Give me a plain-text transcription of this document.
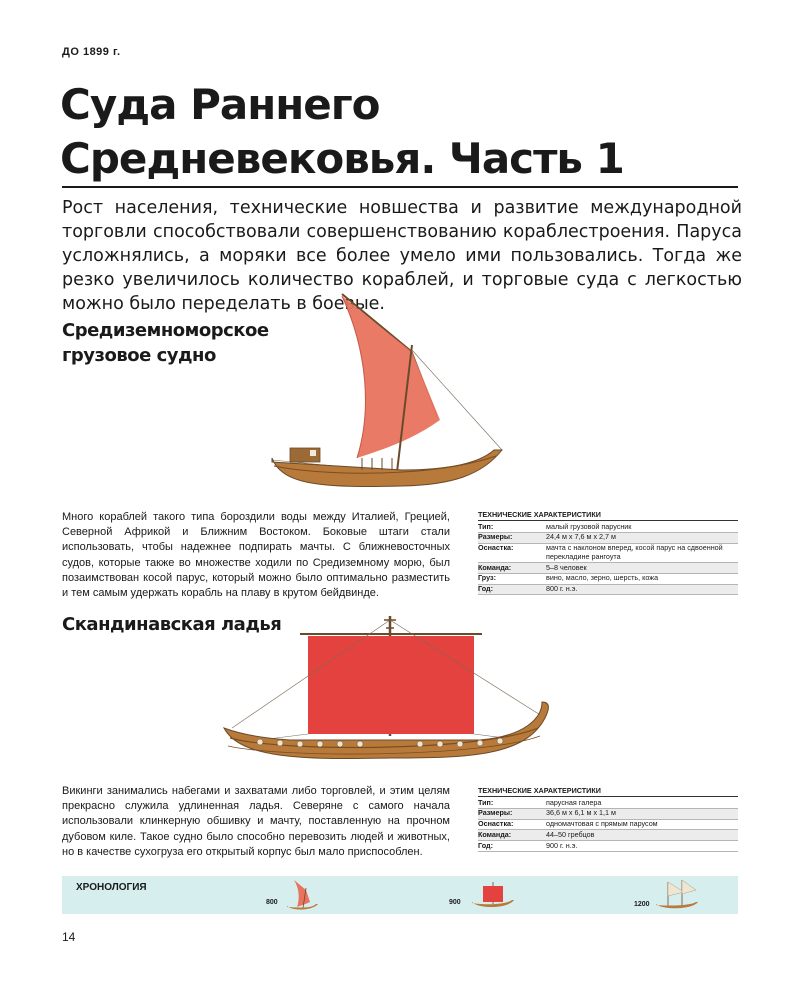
ДО 1899 г.
Суда Раннего
Средневековья. Часть 1
Рост населения, технические новшества и развитие международной торговли способствовали совершенствованию кораблестроения. Паруса усложнялись, а моряки все более умело ими пользовались. Тогда же резко увеличилось количество кораблей, и торговые суда с легкостью можно было переделать в боевые.
Средиземноморское
грузовое судно
Много кораблей такого типа бороздили воды между Италией, Грецией, Северной Африкой и Ближним Востоком. Боковые штаги стали использовать, чтобы надежнее подпирать мачты. С ближневосточных судов, которые также во множестве ходили по Средиземному морю, был позаимствован косой парус, который можно было оптимально разместить и тем самым удержать корабль на плаву в крутом бейдвинде.
ТЕХНИЧЕСКИЕ ХАРАКТЕРИСТИКИ
Тип:	малый грузовой парусник
Размеры:	24,4 м х 7,6 м х 2,7 м
Оснастка:	мачта с наклоном вперед, косой парус на сдвоенной перекладине рангоута
Команда:	5–8 человек
Груз:	вино, масло, зерно, шерсть, кожа
Год:	800 г. н.э.
Скандинавская ладья
Викинги занимались набегами и захватами либо торговлей, и этим целям прекрасно служила удлиненная ладья. Северяне с самого начала использовали клинкерную обшивку и мачту, поставленную на прочном дубовом киле. Такое судно было способно перевозить людей и животных, но в качестве сухогруза его открытый корпус был мало приспособлен.
ТЕХНИЧЕСКИЕ ХАРАКТЕРИСТИКИ
Тип:	парусная галера
Размеры:	36,6 м х 6,1 м х 1,1 м
Оснастка:	одномачтовая с прямым парусом
Команда:	44–50 гребцов
Год:	900 г. н.э.
ХРОНОЛОГИЯ
800	900	1200
14
